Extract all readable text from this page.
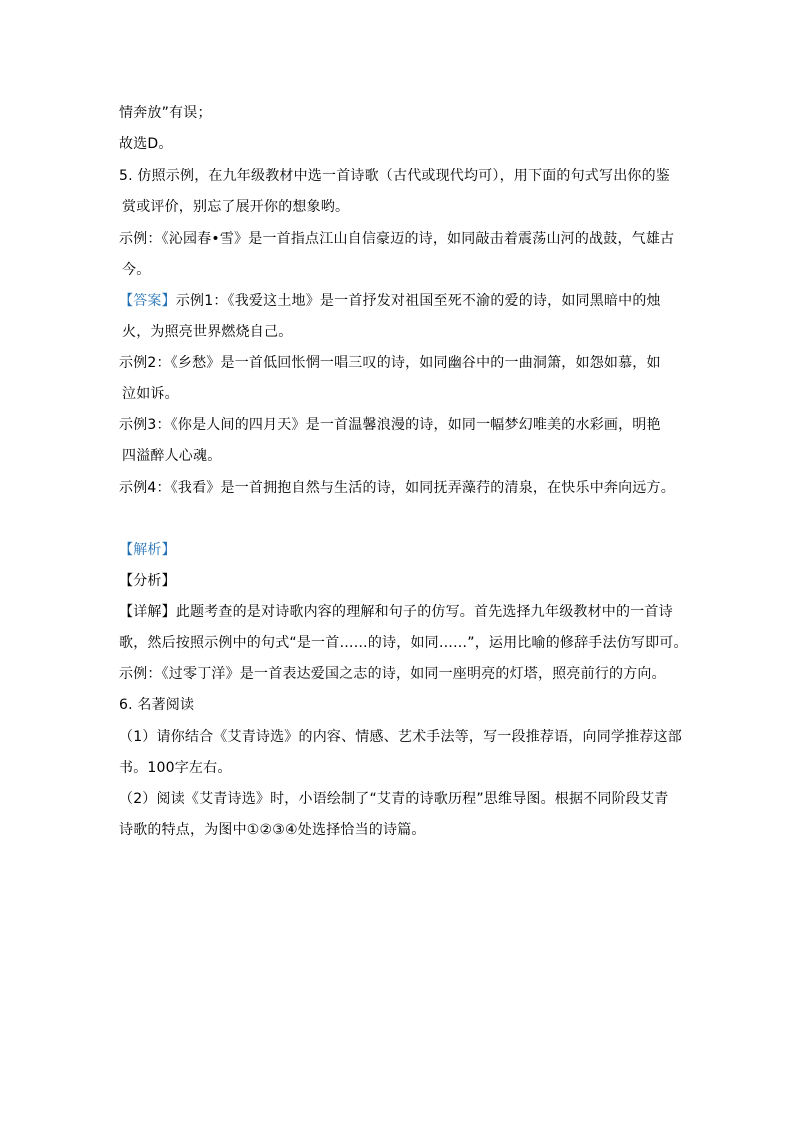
情奔放”有误；
故选D。
5. 仿照示例，在九年级教材中选一首诗歌（古代或现代均可），用下面的句式写出你的鉴
赏或评价，别忘了展开你的想象哟。
示例：《沁园春•雪》是一首指点江山自信豪迈的诗，如同敲击着震荡山河的战鼓，气雄古
今。
【答案】示例1：《我爱这土地》是一首抒发对祖国至死不渝的爱的诗，如同黑暗中的烛
火，为照亮世界燃烧自己。
示例2：《乡愁》是一首低回怅惘一唱三叹的诗，如同幽谷中的一曲洞箫，如怨如慕，如
泣如诉。
示例3：《你是人间的四月天》是一首温馨浪漫的诗，如同一幅梦幻唯美的水彩画，明艳
四溢醉人心魂。
示例4：《我看》是一首拥抱自然与生活的诗，如同抚弄藻荇的清泉，在快乐中奔向远方。
【解析】
【分析】
【详解】此题考查的是对诗歌内容的理解和句子的仿写。首先选择九年级教材中的一首诗
歌，然后按照示例中的句式“是一首……的诗，如同……”，运用比喻的修辞手法仿写即可。
示例：《过零丁洋》是一首表达爱国之志的诗，如同一座明亮的灯塔，照亮前行的方向。
6. 名著阅读
（1）请你结合《艾青诗选》的内容、情感、艺术手法等，写一段推荐语，向同学推荐这部
书。100字左右。
（2）阅读《艾青诗选》时，小语绘制了“艾青的诗歌历程”思维导图。根据不同阶段艾青
诗歌的特点，为图中①②③④处选择恰当的诗篇。
